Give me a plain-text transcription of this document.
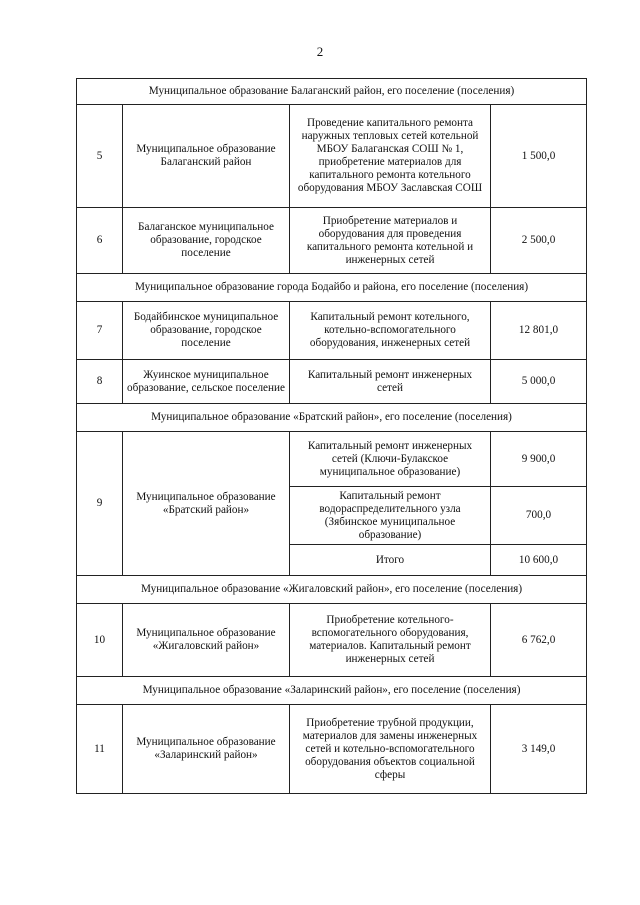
2
Муниципальное образование Балаганский район, его поселение (поселения)			
5	Муниципальное образование Балаганский район	Проведение капитального ремонта наружных тепловых сетей котельной МБОУ Балаганская СОШ № 1, приобретение материалов для капитального ремонта котельного оборудования МБОУ Заславская СОШ	1 500,0
6	Балаганское муниципальное образование, городское поселение	Приобретение материалов и оборудования для проведения капитального ремонта котельной и инженерных сетей	2 500,0
Муниципальное образование города Бодайбо и района, его поселение (поселения)			
7	Бодайбинское муниципальное образование, городское поселение	Капитальный ремонт котельного, котельно-вспомогательного оборудования, инженерных сетей	12 801,0
8	Жуинское муниципальное образование, сельское поселение	Капитальный ремонт инженерных сетей	5 000,0
Муниципальное образование «Братский район», его поселение (поселения)			
9	Муниципальное образование «Братский район»	Капитальный ремонт инженерных сетей (Ключи-Булакское муниципальное образование)	9 900,0
		Капитальный ремонт водораспределительного узла (Зябинское муниципальное образование)	700,0
		Итого	10 600,0
Муниципальное образование «Жигаловский район», его поселение (поселения)			
10	Муниципальное образование «Жигаловский район»	Приобретение котельного-вспомогательного оборудования, материалов. Капитальный ремонт инженерных сетей	6 762,0
Муниципальное образование «Заларинский район», его поселение (поселения)			
11	Муниципальное образование «Заларинский район»	Приобретение трубной продукции, материалов для замены инженерных сетей и котельно-вспомогательного оборудования объектов социальной сферы	3 149,0
